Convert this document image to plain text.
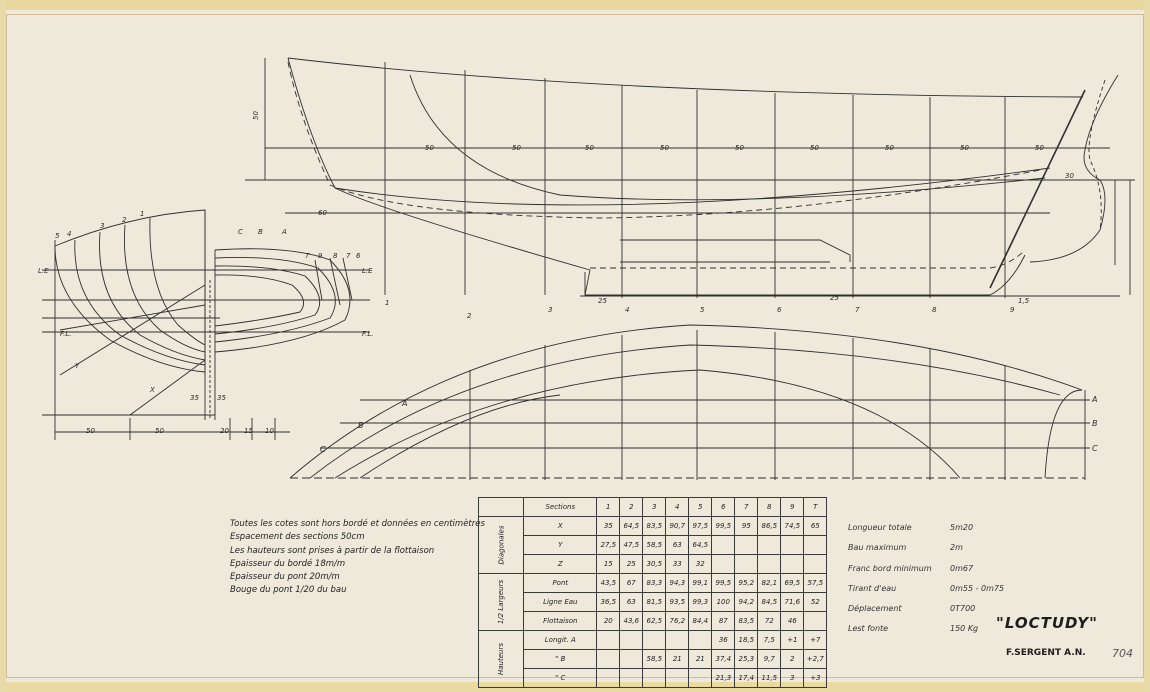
50	50	50	50	50	50	50	50	50
60
25	25	1,5
30
50
1
2
3	4	5	6	7	8	9
A
B
C
A
B
C
50	50	20 15 10
5 4
3
2
1
C B	A
T 9 8 7 6
L.E	L.E
F.L.	F.L.
35	35
Y
X
	Sections	1	2	3	4	5	6	7	8	9	T
Diagonales	X	35	64,5	83,5	90,7	97,5	99,5	95	86,5	74,5	65
	Y	27,5	47,5	58,5	63	64,5					
	Z	15	25	30,5	33	32					
1/2 Largeurs	Pont	43,5	67	83,3	94,3	99,1	99,5	95,2	82,1	69,5	57,5
	Ligne Eau	36,5	63	81,5	93,5	99,3	100	94,2	84,5	71,6	52
	Flottaison	20	43,6	62,5	76,2	84,4	87	83,5	72	46	
Hauteurs	Longit. A						36	18,5	7,5	+1	+7
	" B			58,5	21	21	37,4	25,3	9,7	2	+2,7
	" C						21,3	17,4	11,5	3	+3
Toutes les cotes sont hors bordé et données en centimètres
Espacement des sections 50cm
Les hauteurs sont prises à partir de la flottaison
Epaisseur du bordé 18m/m
Epaisseur du pont 20m/m
Bouge du pont 1/20 du bau
Longueur totale	5m20
Bau maximum	2m
Franc bord minimum	0m67
Tirant d'eau	0m55 - 0m75
Déplacement	0T700
Lest fonte	150 Kg "LOCTUDY"
F.SERGENT A.N. 704
